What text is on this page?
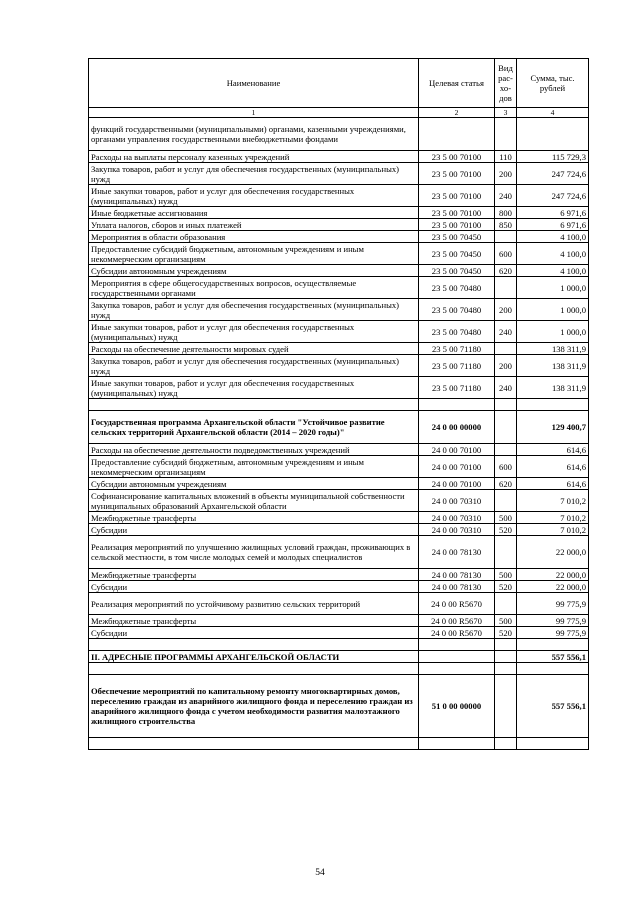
Наименование	Целевая статья	Вид рас-хо-дов	Сумма, тыс. рублей
1	2	3	4
функций государственными (муниципальными) органами, казенными учреждениями, органами управления государственными внебюджетными фондами			
Расходы на выплаты персоналу казенных учреждений	23 5 00 70100	110	115 729,3
Закупка товаров, работ и услуг для обеспечения государственных (муниципальных) нужд	23 5 00 70100	200	247 724,6
Иные закупки товаров, работ и услуг для обеспечения государственных (муниципальных) нужд	23 5 00 70100	240	247 724,6
Иные бюджетные ассигнования	23 5 00 70100	800	6 971,6
Уплата налогов, сборов и иных платежей	23 5 00 70100	850	6 971,6
Мероприятия в области образования	23 5 00 70450		4 100,0
Предоставление субсидий бюджетным, автономным учреждениям и иным некоммерческим организациям	23 5 00 70450	600	4 100,0
Субсидии автономным учреждениям	23 5 00 70450	620	4 100,0
Мероприятия в сфере общегосударственных вопросов, осуществляемые государственными органами	23 5 00 70480		1 000,0
Закупка товаров, работ и услуг для обеспечения государственных (муниципальных) нужд	23 5 00 70480	200	1 000,0
Иные закупки товаров, работ и услуг для обеспечения государственных (муниципальных) нужд	23 5 00 70480	240	1 000,0
Расходы на обеспечение деятельности мировых судей	23 5 00 71180		138 311,9
Закупка товаров, работ и услуг для обеспечения государственных (муниципальных) нужд	23 5 00 71180	200	138 311,9
Иные закупки товаров, работ и услуг для обеспечения государственных (муниципальных) нужд	23 5 00 71180	240	138 311,9

Государственная программа Архангельской области "Устойчивое развитие сельских территорий Архангельской области (2014 – 2020 годы)"	24 0 00 00000		129 400,7
Расходы на обеспечение деятельности подведомственных учреждений	24 0 00 70100		614,6
Предоставление субсидий бюджетным, автономным учреждениям и иным некоммерческим организациям	24 0 00 70100	600	614,6
Субсидии автономным учреждениям	24 0 00 70100	620	614,6
Софинансирование капитальных вложений в объекты муниципальной собственности муниципальных образований Архангельской области	24 0 00 70310		7 010,2
Межбюджетные трансферты	24 0 00 70310	500	7 010,2
Субсидии	24 0 00 70310	520	7 010,2
Реализация мероприятий по улучшению жилищных условий граждан, проживающих в сельской местности, в том числе молодых семей и молодых специалистов	24 0 00 78130		22 000,0
Межбюджетные трансферты	24 0 00 78130	500	22 000,0
Субсидии	24 0 00 78130	520	22 000,0
Реализация мероприятий по устойчивому развитию сельских территорий	24 0 00 R5670		99 775,9
Межбюджетные трансферты	24 0 00 R5670	500	99 775,9
Субсидии	24 0 00 R5670	520	99 775,9

II. АДРЕСНЫЕ ПРОГРАММЫ АРХАНГЕЛЬСКОЙ ОБЛАСТИ			557 556,1

Обеспечение мероприятий по капитальному ремонту многоквартирных домов, переселению граждан из аварийного жилищного фонда и переселению граждан из аварийного жилищного фонда с учетом необходимости развития малоэтажного жилищного строительства	51 0 00 00000		557 556,1

54
